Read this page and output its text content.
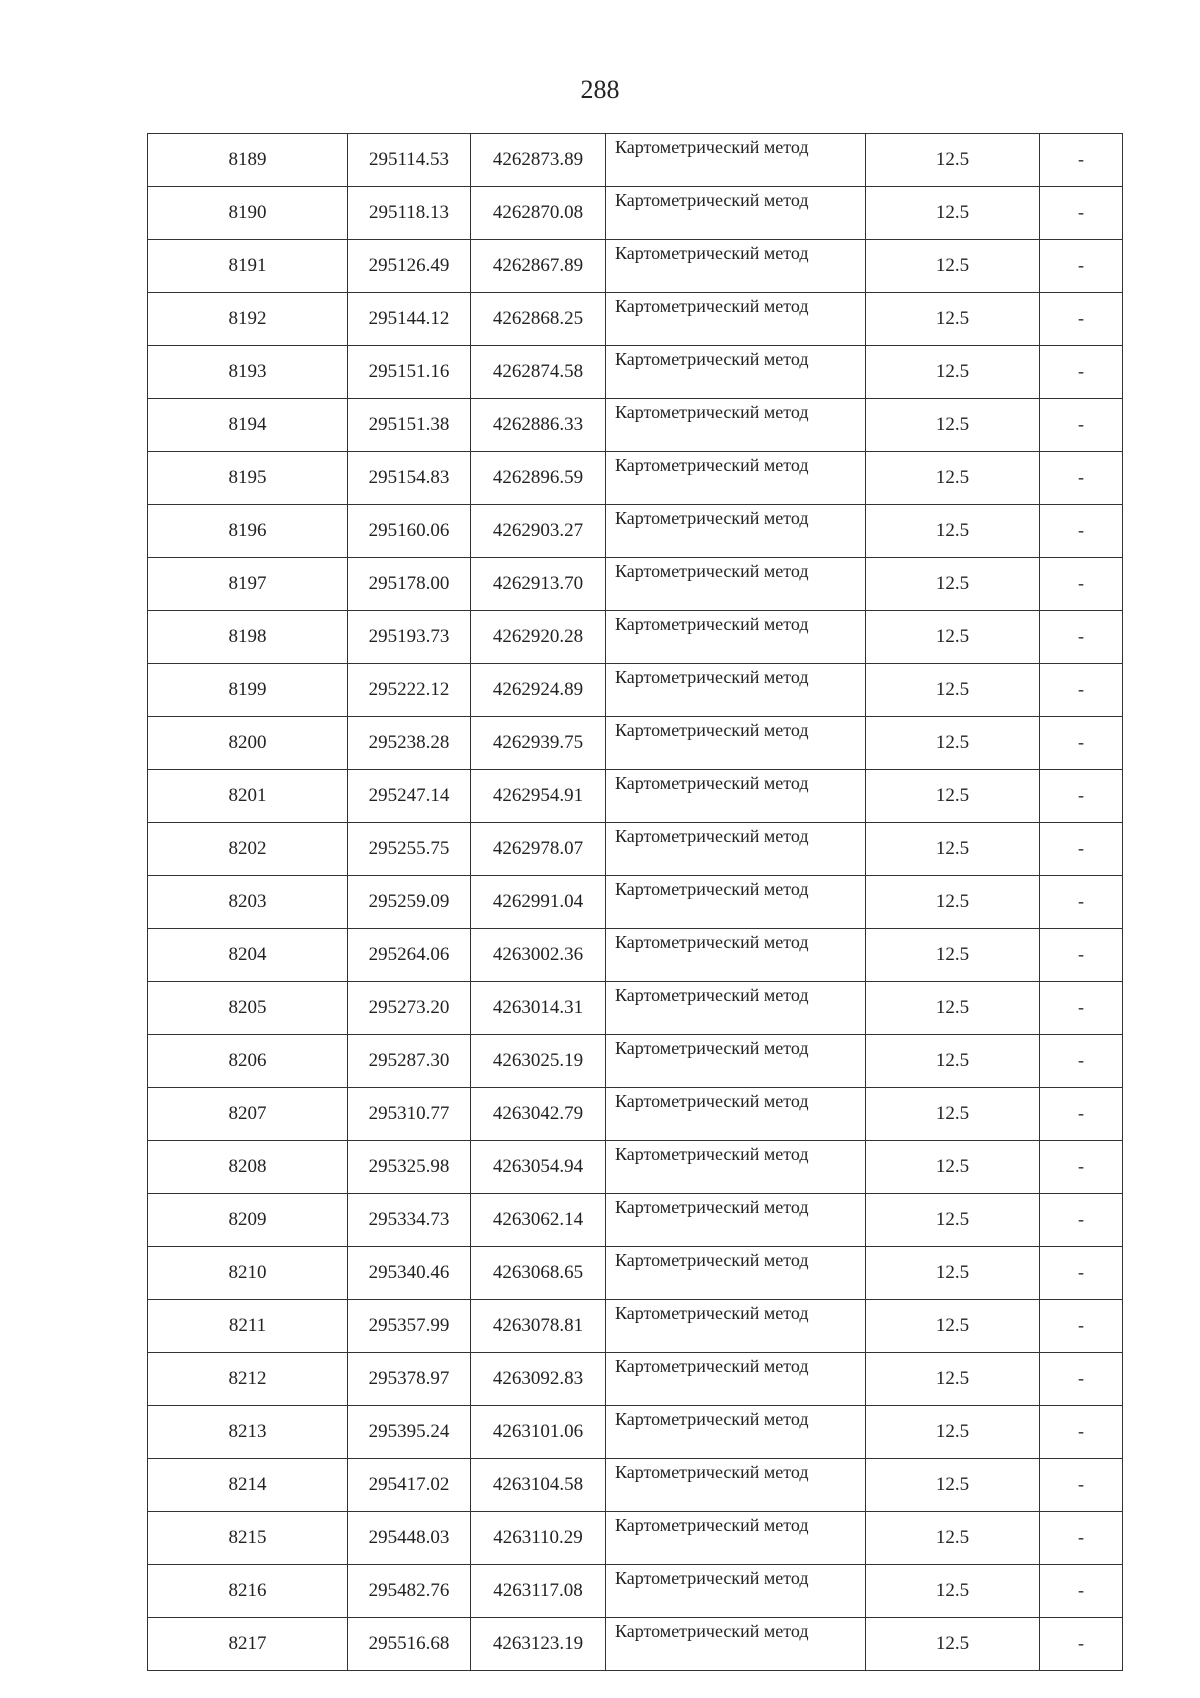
288
8189	295114.53	4262873.89	Картометрический метод	12.5	-
8190	295118.13	4262870.08	Картометрический метод	12.5	-
8191	295126.49	4262867.89	Картометрический метод	12.5	-
8192	295144.12	4262868.25	Картометрический метод	12.5	-
8193	295151.16	4262874.58	Картометрический метод	12.5	-
8194	295151.38	4262886.33	Картометрический метод	12.5	-
8195	295154.83	4262896.59	Картометрический метод	12.5	-
8196	295160.06	4262903.27	Картометрический метод	12.5	-
8197	295178.00	4262913.70	Картометрический метод	12.5	-
8198	295193.73	4262920.28	Картометрический метод	12.5	-
8199	295222.12	4262924.89	Картометрический метод	12.5	-
8200	295238.28	4262939.75	Картометрический метод	12.5	-
8201	295247.14	4262954.91	Картометрический метод	12.5	-
8202	295255.75	4262978.07	Картометрический метод	12.5	-
8203	295259.09	4262991.04	Картометрический метод	12.5	-
8204	295264.06	4263002.36	Картометрический метод	12.5	-
8205	295273.20	4263014.31	Картометрический метод	12.5	-
8206	295287.30	4263025.19	Картометрический метод	12.5	-
8207	295310.77	4263042.79	Картометрический метод	12.5	-
8208	295325.98	4263054.94	Картометрический метод	12.5	-
8209	295334.73	4263062.14	Картометрический метод	12.5	-
8210	295340.46	4263068.65	Картометрический метод	12.5	-
8211	295357.99	4263078.81	Картометрический метод	12.5	-
8212	295378.97	4263092.83	Картометрический метод	12.5	-
8213	295395.24	4263101.06	Картометрический метод	12.5	-
8214	295417.02	4263104.58	Картометрический метод	12.5	-
8215	295448.03	4263110.29	Картометрический метод	12.5	-
8216	295482.76	4263117.08	Картометрический метод	12.5	-
8217	295516.68	4263123.19	Картометрический метод	12.5	-
